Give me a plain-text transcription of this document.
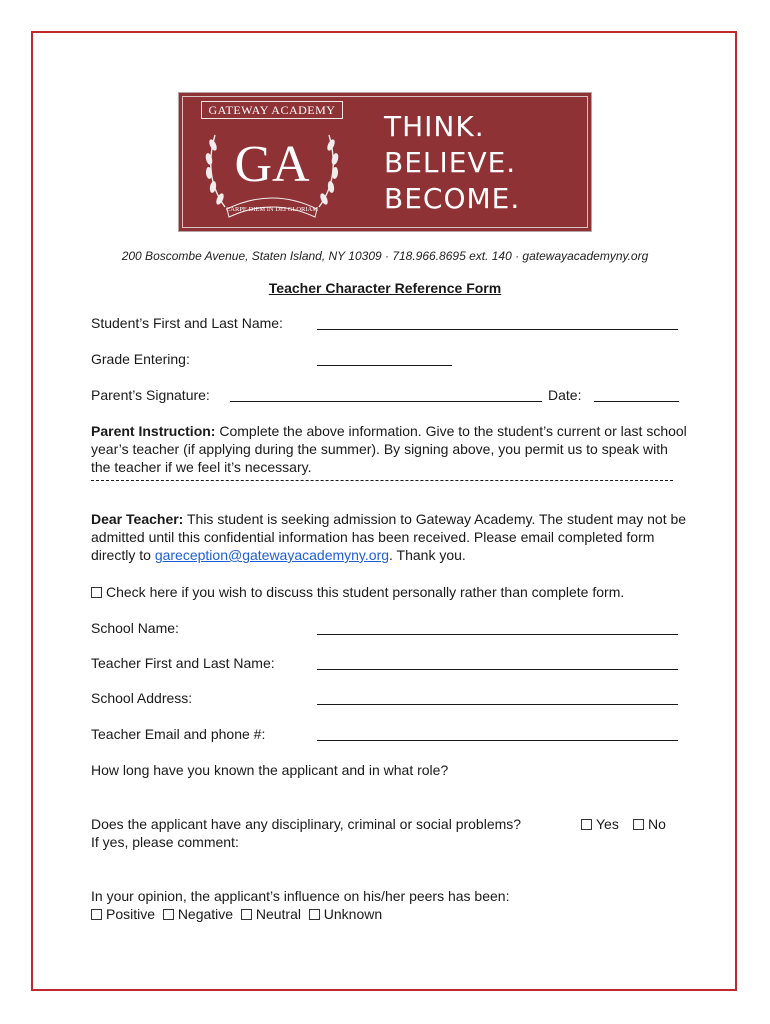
GATEWAY ACADEMY
GA
CARPE DIEM IN DEI GLORIAM
THINK.
BELIEVE.
BECOME.
200 Boscombe Avenue, Staten Island, NY 10309 · 718.966.8695 ext. 140 · gatewayacademyny.org
Teacher Character Reference Form
Student’s First and Last Name:
Grade Entering:
Parent’s Signature:	Date:
Parent Instruction: Complete the above information. Give to the student’s current or last school year’s teacher (if applying during the summer). By signing above, you permit us to speak with the teacher if we feel it’s necessary.
Dear Teacher: This student is seeking admission to Gateway Academy. The student may not be admitted until this confidential information has been received. Please email completed form directly to gareception@gatewayacademyny.org. Thank you.
Check here if you wish to discuss this student personally rather than complete form.
School Name:
Teacher First and Last Name:
School Address:
Teacher Email and phone #:
How long have you known the applicant and in what role?
Does the applicant have any disciplinary, criminal or social problems?	Yes	No
If yes, please comment:
In your opinion, the applicant’s influence on his/her peers has been:
Positive Negative Neutral Unknown
